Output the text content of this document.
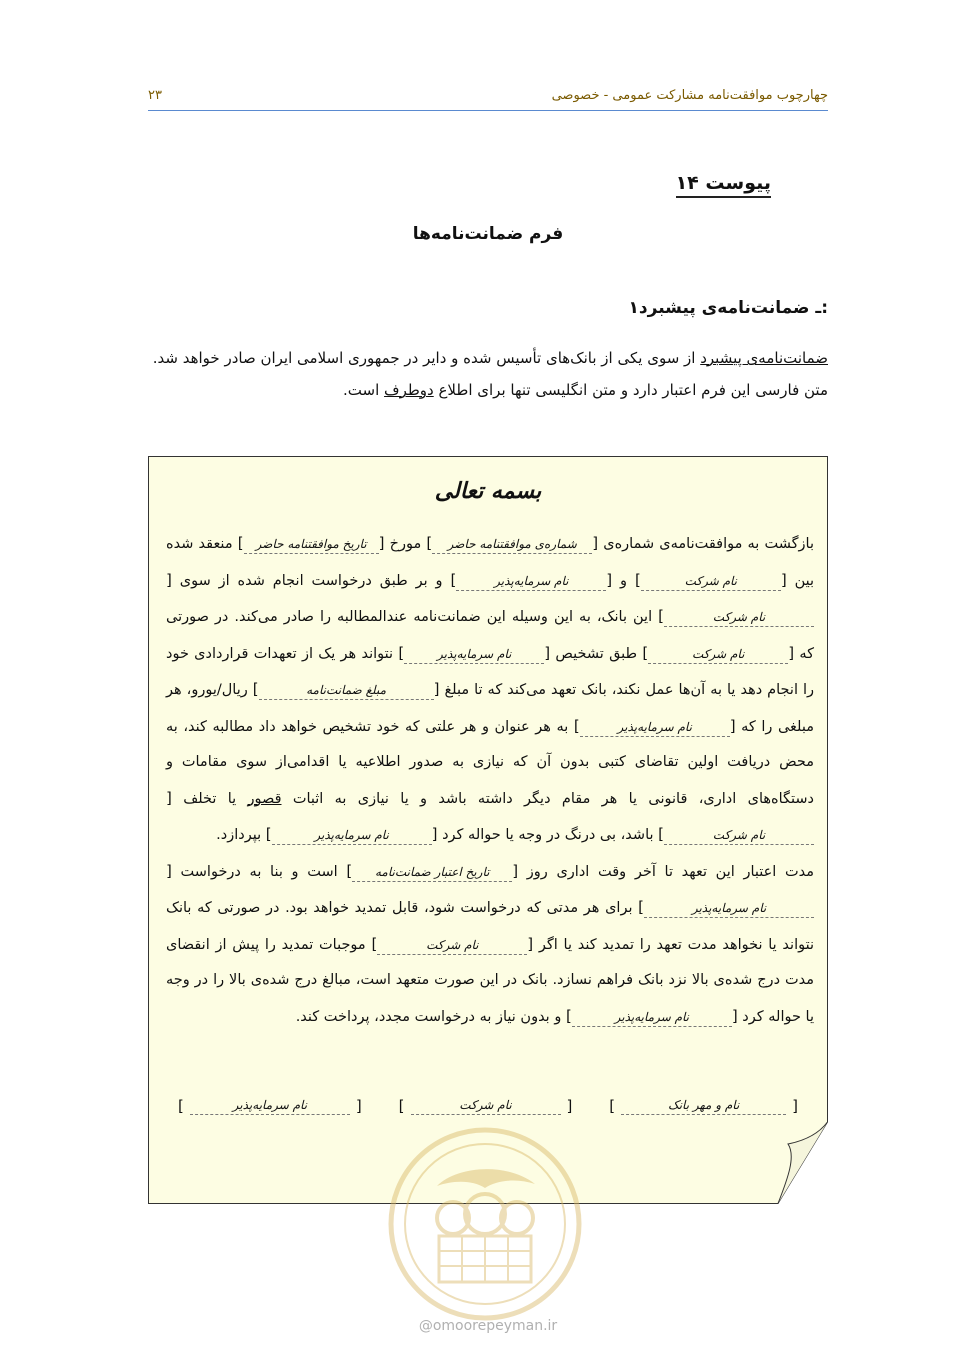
چهارچوب موافقت‌نامه مشارکت عمومی - خصوصی
۲۳
پیوست ۱۴
فرم ضمانت‌نامه‌ها
۱ـ ضمانت‌نامه‌ی پیشبرد:

ضمانت‌نامه‌ی پیشبرد از سوی یکی از بانک‌های تأسیس شده و دایر در جمهوری اسلامی ایران صادر خواهد شد.

متن فارسی این فرم اعتبار دارد و متن انگلیسی تنها برای اطلاع دوطرف است.

بسمه تعالی

بازگشت به موافقت‌نامه‌ی شماره‌ی [شماره‌ی موافقتنامه حاضر] مورخ [تاریخ موافقتنامه حاضر] منعقد شده بین [نام شرکت] و [نام سرمایه‌پذیر] و بر طبق درخواست انجام شده از سوی [نام شرکت] این بانک، به این وسیله این ضمانت‌نامه عندالمطالبه را صادر می‌کند. در صورتی که [نام شرکت] طبق تشخیص [نام سرمایه‌پذیر] نتواند هر یک از تعهدات قراردادی خود را انجام دهد یا به آن‌ها عمل نکند، بانک تعهد می‌کند که تا مبلغ [مبلغ ضمانت‌نامه] ریال/یورو، هر مبلغی را که [نام سرمایه‌پذیر] به هر عنوان و هر علتی که خود تشخیص خواهد داد مطالبه کند، به محض دریافت اولین تقاضای کتبی بدون آن که نیازی به صدور اطلاعیه یا اقدامی‌از سوی مقامات و دستگاه‌های اداری، قانونی یا هر مقام دیگر داشته باشد و یا نیازی به اثبات قصور یا تخلف [نام شرکت] باشد، بی درنگ در وجه یا حواله کرد [نام سرمایه‌پذیر] بپردازد.

مدت اعتبار این تعهد تا آخر وقت اداری روز [تاریخ اعتبار ضمانت‌نامه] است و بنا به درخواست [نام سرمایه‌پذیر] برای هر مدتی که درخواست شود، قابل تمدید خواهد بود. در صورتی که بانک نتواند یا نخواهد مدت تعهد را تمدید کند یا اگر [نام شرکت] موجبات تمدید را پیش از انقضای مدت درج شده‌ی بالا نزد بانک فراهم نسازد. بانک در این صورت متعهد است، مبالغ درج شده‌ی بالا را در وجه یا حواله کرد [نام سرمایه‌پذیر] و بدون نیاز به درخواست مجدد، پرداخت کند.

[
نام و مهر بانک
]
[
نام شرکت
]
[
نام سرمایه‌پذیر
]
@omoorepeyman.ir
